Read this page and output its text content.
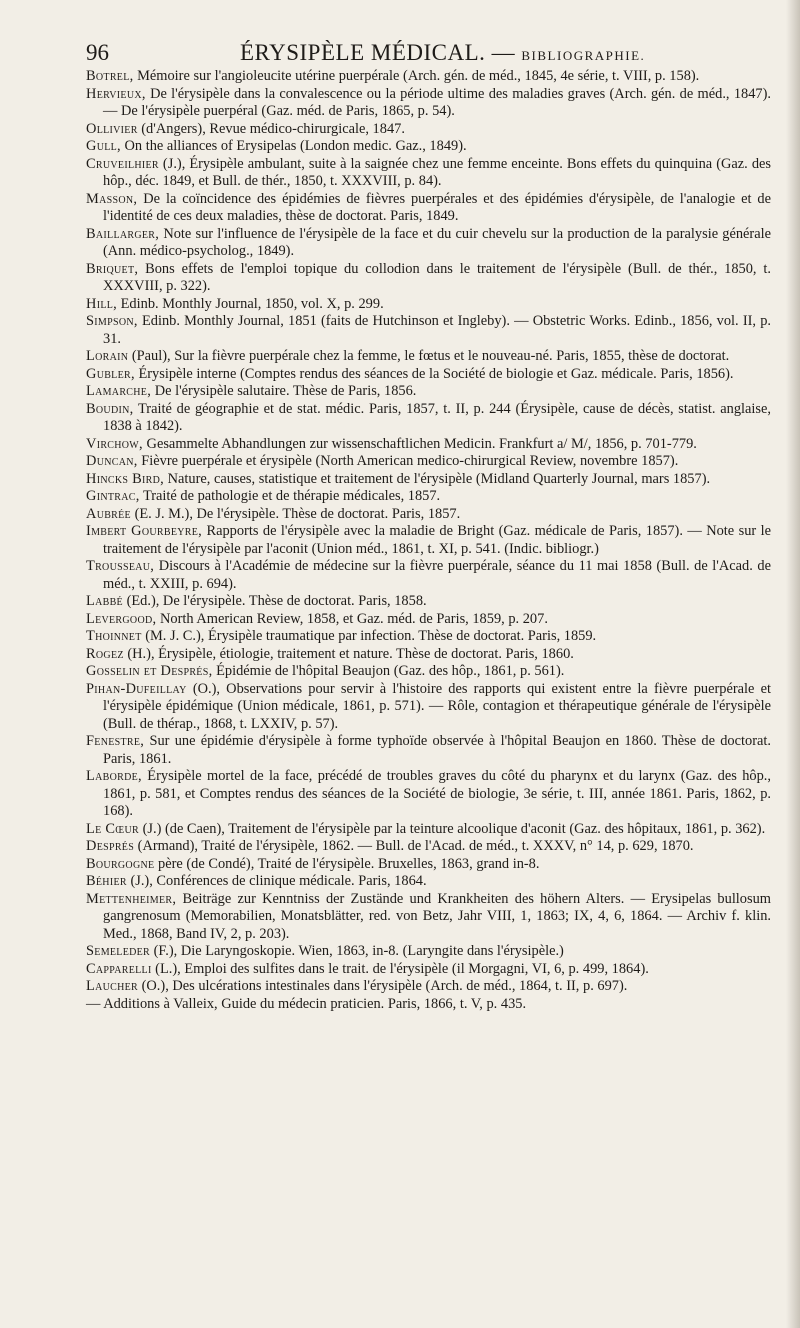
96	ÉRYSIPÈLE MÉDICAL. — BIBLIOGRAPHIE.

Botrel, Mémoire sur l'angioleucite utérine puerpérale (Arch. gén. de méd., 1845, 4e série, t. VIII, p. 158).

Hervieux, De l'érysipèle dans la convalescence ou la période ultime des maladies graves (Arch. gén. de méd., 1847). — De l'érysipèle puerpéral (Gaz. méd. de Paris, 1865, p. 54).

Ollivier (d'Angers), Revue médico-chirurgicale, 1847.

Gull, On the alliances of Erysipelas (London medic. Gaz., 1849).

Cruveilhier (J.), Érysipèle ambulant, suite à la saignée chez une femme enceinte. Bons effets du quinquina (Gaz. des hôp., déc. 1849, et Bull. de thér., 1850, t. XXXVIII, p. 84).

Masson, De la coïncidence des épidémies de fièvres puerpérales et des épidémies d'érysipèle, de l'analogie et de l'identité de ces deux maladies, thèse de doctorat. Paris, 1849.

Baillarger, Note sur l'influence de l'érysipèle de la face et du cuir chevelu sur la production de la paralysie générale (Ann. médico-psycholog., 1849).

Briquet, Bons effets de l'emploi topique du collodion dans le traitement de l'érysipèle (Bull. de thér., 1850, t. XXXVIII, p. 322).

Hill, Edinb. Monthly Journal, 1850, vol. X, p. 299.

Simpson, Edinb. Monthly Journal, 1851 (faits de Hutchinson et Ingleby). — Obstetric Works. Edinb., 1856, vol. II, p. 31.

Lorain (Paul), Sur la fièvre puerpérale chez la femme, le fœtus et le nouveau-né. Paris, 1855, thèse de doctorat.

Gubler, Érysipèle interne (Comptes rendus des séances de la Société de biologie et Gaz. médicale. Paris, 1856).

Lamarche, De l'érysipèle salutaire. Thèse de Paris, 1856.

Boudin, Traité de géographie et de stat. médic. Paris, 1857, t. II, p. 244 (Érysipèle, cause de décès, statist. anglaise, 1838 à 1842).

Virchow, Gesammelte Abhandlungen zur wissenschaftlichen Medicin. Frankfurt a/ M/, 1856, p. 701-779.

Duncan, Fièvre puerpérale et érysipèle (North American medico-chirurgical Review, novembre 1857).

Hincks Bird, Nature, causes, statistique et traitement de l'érysipèle (Midland Quarterly Journal, mars 1857).

Gintrac, Traité de pathologie et de thérapie médicales, 1857.

Aubrée (E. J. M.), De l'érysipèle. Thèse de doctorat. Paris, 1857.

Imbert Gourbeyre, Rapports de l'érysipèle avec la maladie de Bright (Gaz. médicale de Paris, 1857). — Note sur le traitement de l'érysipèle par l'aconit (Union méd., 1861, t. XI, p. 541. (Indic. bibliogr.)

Trousseau, Discours à l'Académie de médecine sur la fièvre puerpérale, séance du 11 mai 1858 (Bull. de l'Acad. de méd., t. XXIII, p. 694).

Labbé (Ed.), De l'érysipèle. Thèse de doctorat. Paris, 1858.

Levergood, North American Review, 1858, et Gaz. méd. de Paris, 1859, p. 207.

Thoinnet (M. J. C.), Érysipèle traumatique par infection. Thèse de doctorat. Paris, 1859.

Rogez (H.), Érysipèle, étiologie, traitement et nature. Thèse de doctorat. Paris, 1860.

Gosselin et Després, Épidémie de l'hôpital Beaujon (Gaz. des hôp., 1861, p. 561).

Pihan-Dufeillay (O.), Observations pour servir à l'histoire des rapports qui existent entre la fièvre puerpérale et l'érysipèle épidémique (Union médicale, 1861, p. 571). — Rôle, contagion et thérapeutique générale de l'érysipèle (Bull. de thérap., 1868, t. LXXIV, p. 57).

Fenestre, Sur une épidémie d'érysipèle à forme typhoïde observée à l'hôpital Beaujon en 1860. Thèse de doctorat. Paris, 1861.

Laborde, Érysipèle mortel de la face, précédé de troubles graves du côté du pharynx et du larynx (Gaz. des hôp., 1861, p. 581, et Comptes rendus des séances de la Société de biologie, 3e série, t. III, année 1861. Paris, 1862, p. 168).

Le Cœur (J.) (de Caen), Traitement de l'érysipèle par la teinture alcoolique d'aconit (Gaz. des hôpitaux, 1861, p. 362).

Després (Armand), Traité de l'érysipèle, 1862. — Bull. de l'Acad. de méd., t. XXXV, n° 14, p. 629, 1870.

Bourgogne père (de Condé), Traité de l'érysipèle. Bruxelles, 1863, grand in-8.

Béhier (J.), Conférences de clinique médicale. Paris, 1864.

Mettenheimer, Beiträge zur Kenntniss der Zustände und Krankheiten des höhern Alters. — Erysipelas bullosum gangrenosum (Memorabilien, Monatsblätter, red. von Betz, Jahr VIII, 1, 1863; IX, 4, 6, 1864. — Archiv f. klin. Med., 1868, Band IV, 2, p. 203).

Semeleder (F.), Die Laryngoskopie. Wien, 1863, in-8. (Laryngite dans l'érysipèle.)

Capparelli (L.), Emploi des sulfites dans le trait. de l'érysipèle (il Morgagni, VI, 6, p. 499, 1864).

Laucher (O.), Des ulcérations intestinales dans l'érysipèle (Arch. de méd., 1864, t. II, p. 697).

— Additions à Valleix, Guide du médecin praticien. Paris, 1866, t. V, p. 435.
